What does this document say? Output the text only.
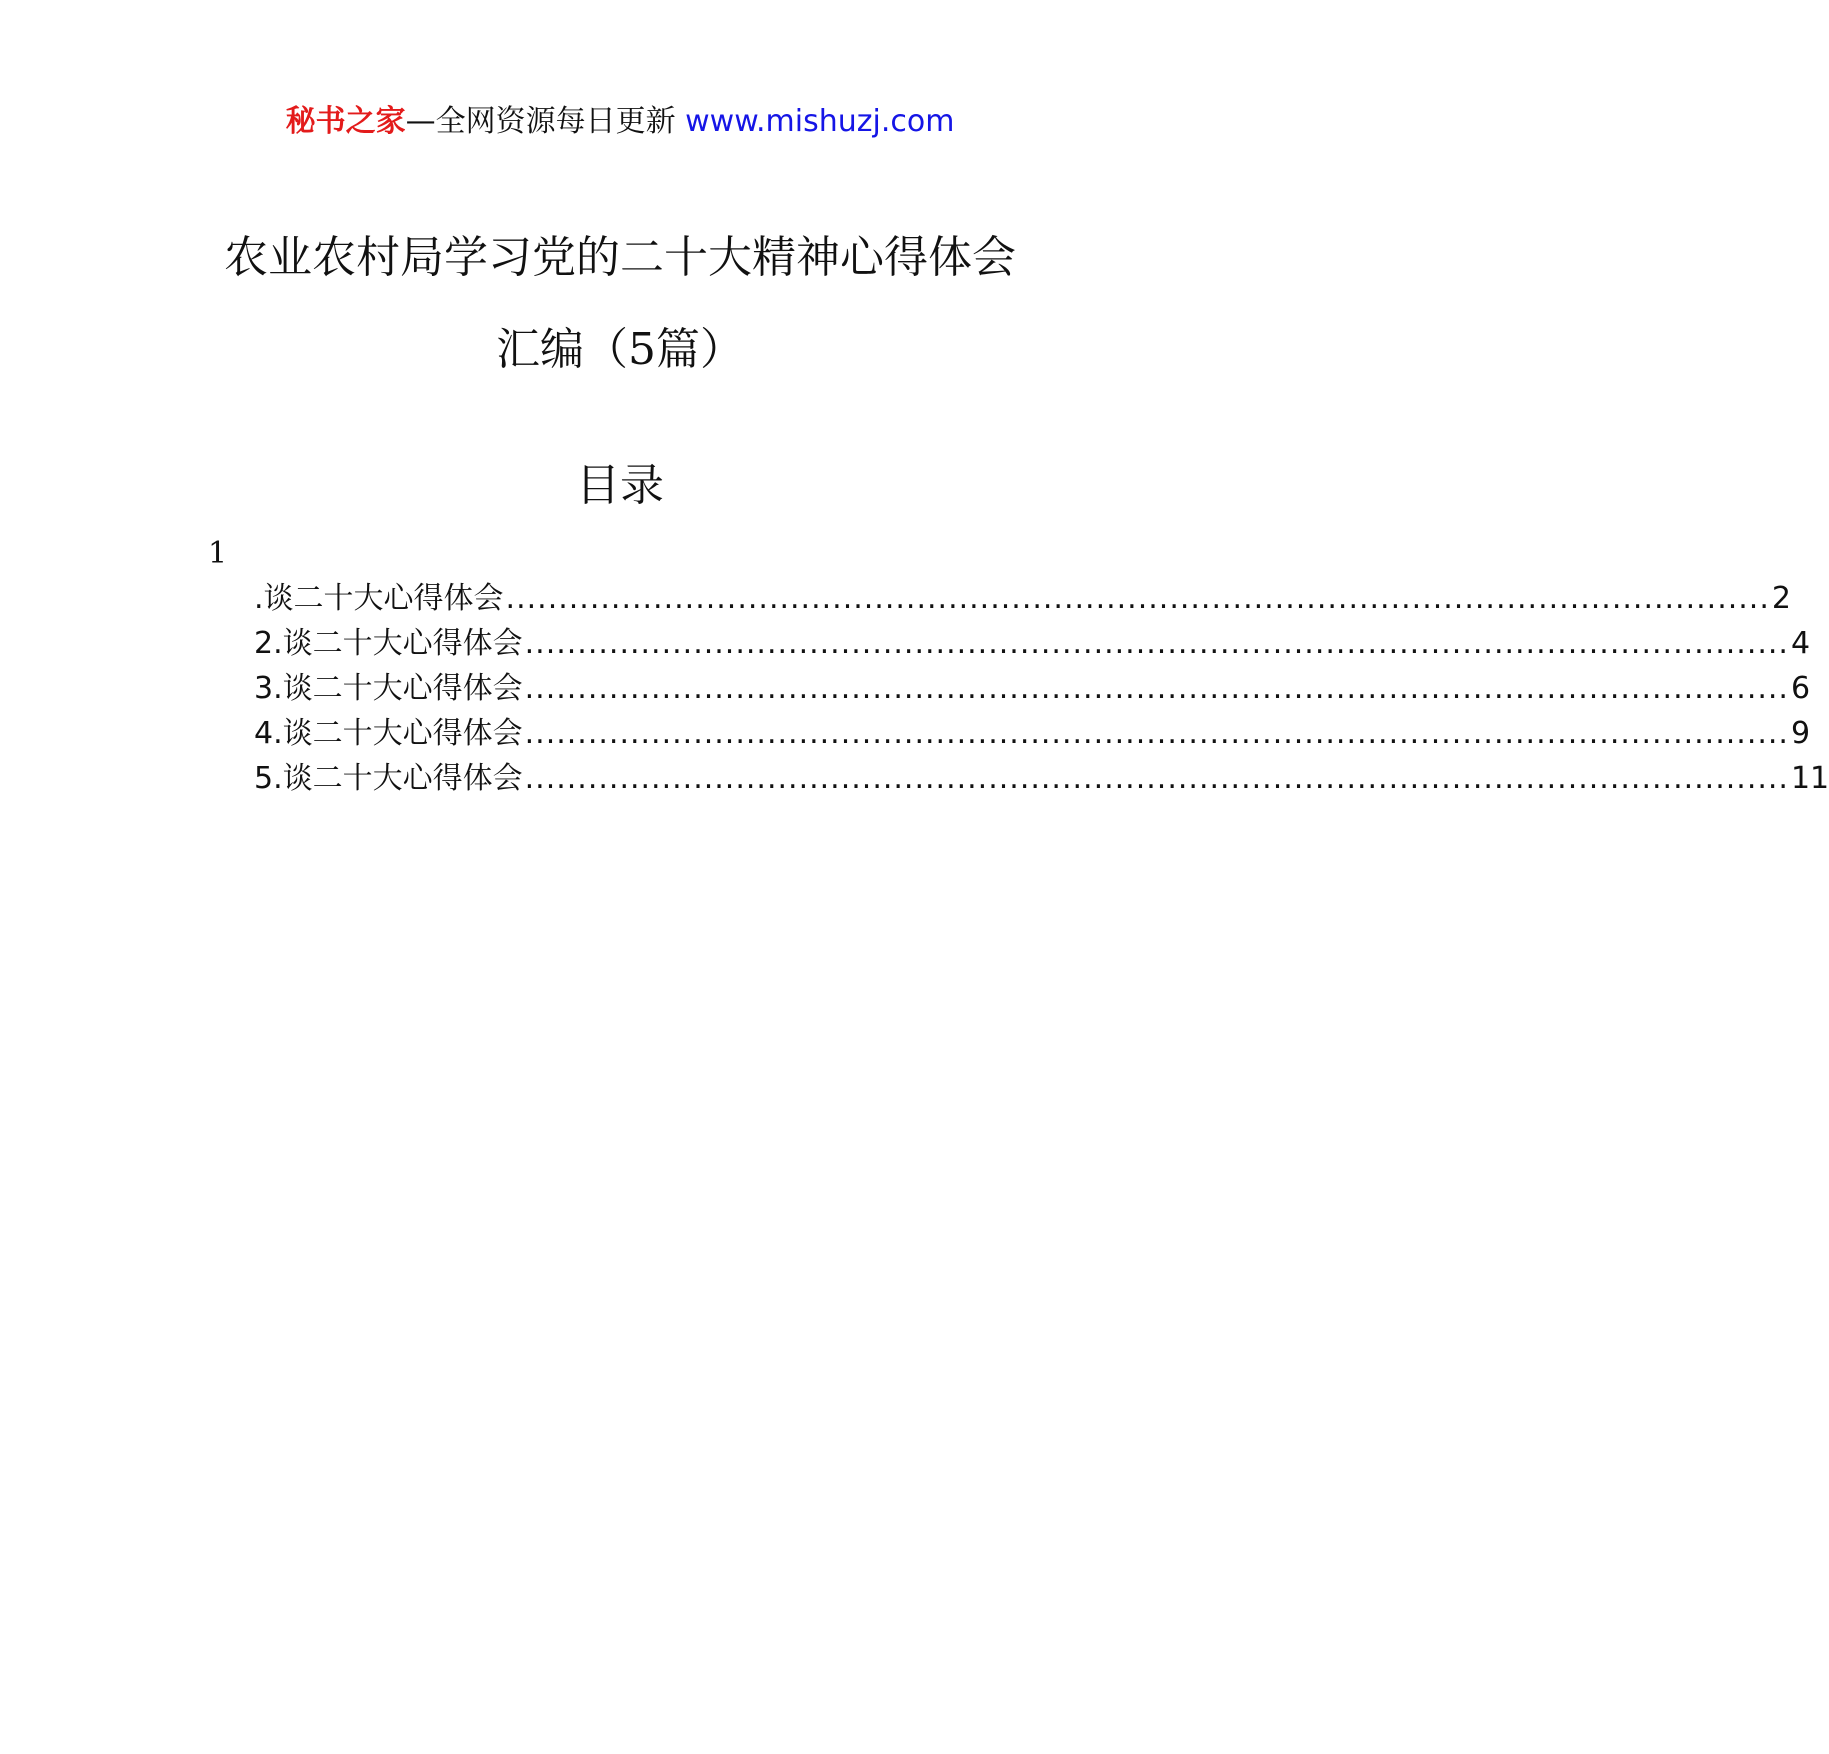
秘书之家—全网资源每日更新 www.mishuzj.com
农业农村局学习党的二十大精神心得体会
汇编（5篇）
目录
1
.谈二十大心得体会 ........................................................................................................................ 2
2.谈二十大心得体会 ........................................................................................................................ 4
3.谈二十大心得体会 ........................................................................................................................ 6
4.谈二十大心得体会 ........................................................................................................................ 9
5.谈二十大心得体会 ........................................................................................................................ 11
